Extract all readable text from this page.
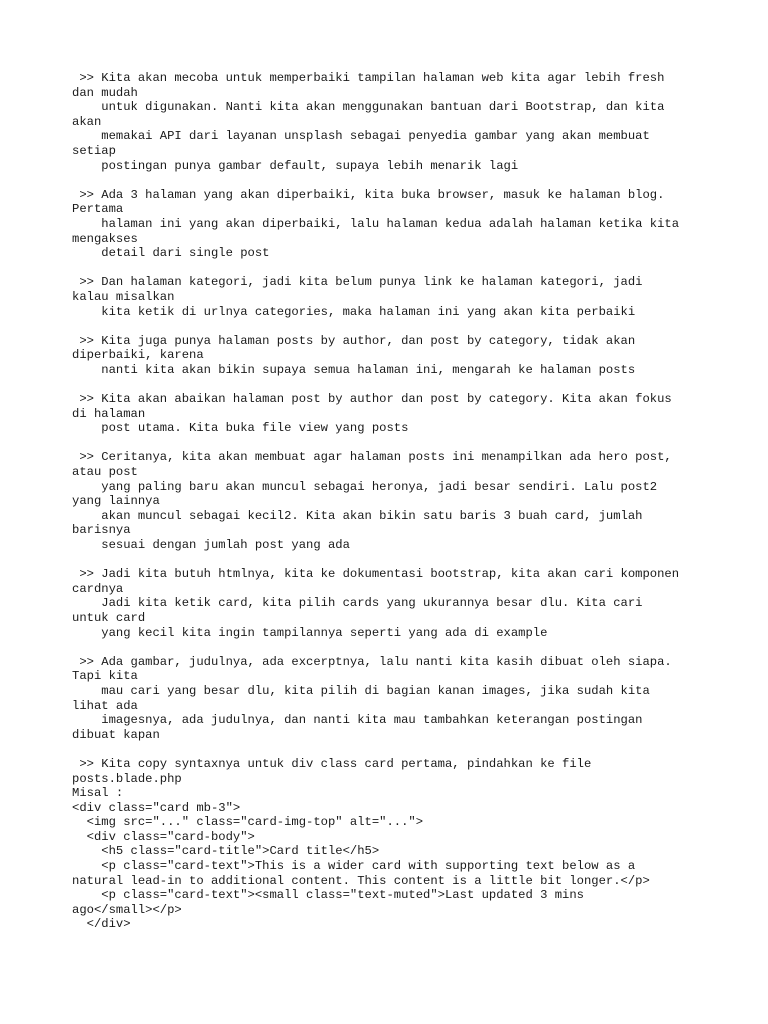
>> Kita akan mecoba untuk memperbaiki tampilan halaman web kita agar lebih fresh
dan mudah
untuk digunakan. Nanti kita akan menggunakan bantuan dari Bootstrap, dan kita
akan
memakai API dari layanan unsplash sebagai penyedia gambar yang akan membuat
setiap
postingan punya gambar default, supaya lebih menarik lagi
>> Ada 3 halaman yang akan diperbaiki, kita buka browser, masuk ke halaman blog.
Pertama
halaman ini yang akan diperbaiki, lalu halaman kedua adalah halaman ketika kita
mengakses
detail dari single post
>> Dan halaman kategori, jadi kita belum punya link ke halaman kategori, jadi
kalau misalkan
kita ketik di urlnya categories, maka halaman ini yang akan kita perbaiki
>> Kita juga punya halaman posts by author, dan post by category, tidak akan
diperbaiki, karena
nanti kita akan bikin supaya semua halaman ini, mengarah ke halaman posts
>> Kita akan abaikan halaman post by author dan post by category. Kita akan fokus
di halaman
post utama. Kita buka file view yang posts
>> Ceritanya, kita akan membuat agar halaman posts ini menampilkan ada hero post,
atau post
yang paling baru akan muncul sebagai heronya, jadi besar sendiri. Lalu post2
yang lainnya
akan muncul sebagai kecil2. Kita akan bikin satu baris 3 buah card, jumlah
barisnya
sesuai dengan jumlah post yang ada
>> Jadi kita butuh htmlnya, kita ke dokumentasi bootstrap, kita akan cari komponen
cardnya
Jadi kita ketik card, kita pilih cards yang ukurannya besar dlu. Kita cari
untuk card
yang kecil kita ingin tampilannya seperti yang ada di example
>> Ada gambar, judulnya, ada excerptnya, lalu nanti kita kasih dibuat oleh siapa.
Tapi kita
mau cari yang besar dlu, kita pilih di bagian kanan images, jika sudah kita
lihat ada
imagesnya, ada judulnya, dan nanti kita mau tambahkan keterangan postingan
dibuat kapan
>> Kita copy syntaxnya untuk div class card pertama, pindahkan ke file
posts.blade.php
Misal :
<div class="card mb-3">
<img src="..." class="card-img-top" alt="...">
<div class="card-body">
<h5 class="card-title">Card title</h5>
<p class="card-text">This is a wider card with supporting text below as a
natural lead-in to additional content. This content is a little bit longer.</p>
<p class="card-text"><small class="text-muted">Last updated 3 mins
ago</small></p>
</div>
